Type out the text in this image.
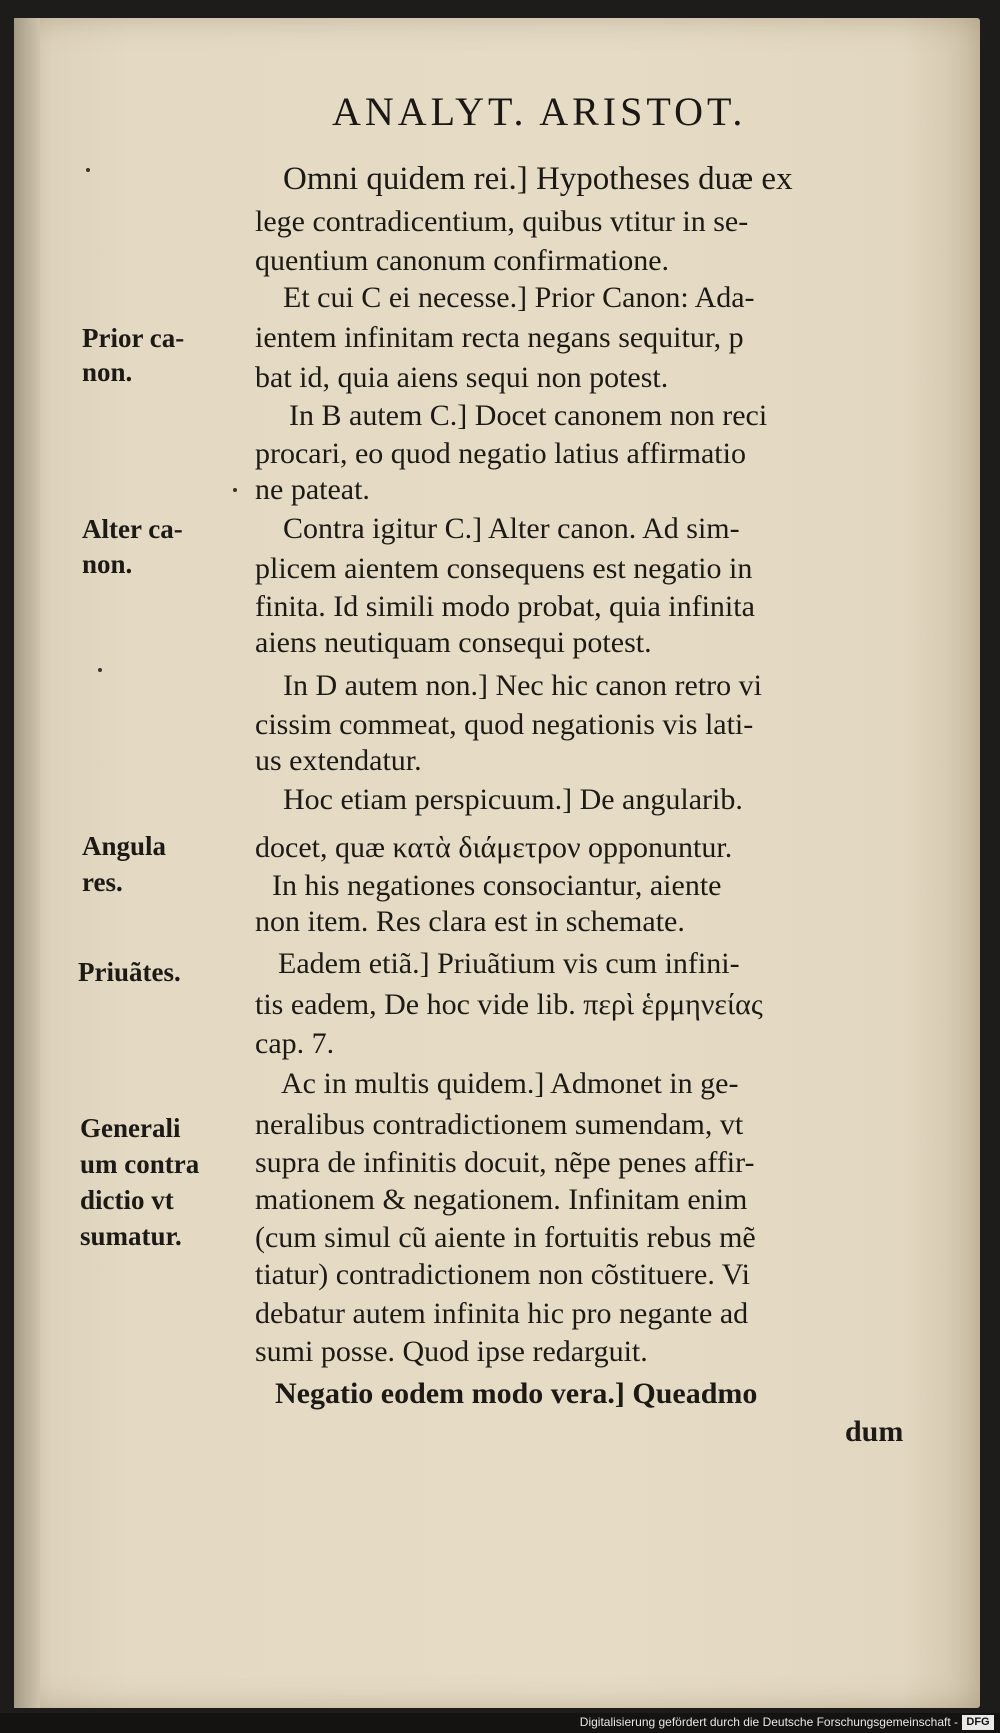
ANALYT. ARISTOT.
Omni quidem rei.] Hypotheses duæ ex
lege contradicentium, quibus vtitur in se-
quentium canonum confirmatione.
Et cui C ei necesse.] Prior Canon: Ada-
ientem infinitam recta negans sequitur, p
bat id, quia aiens sequi non potest.
In B autem C.] Docet canonem non reci
procari, eo quod negatio latius affirmatio
ne pateat.
Contra igitur C.] Alter canon. Ad sim-
plicem aientem consequens est negatio in
finita. Id simili modo probat, quia infinita
aiens neutiquam consequi potest.
In D autem non.] Nec hic canon retro vi
cissim commeat, quod negationis vis lati-
us extendatur.
Hoc etiam perspicuum.] De angularib.
docet, quæ κατὰ διάμετρον opponuntur.
In his negationes consociantur, aiente
non item. Res clara est in schemate.
Eadem etiã.] Priuãtium vis cum infini-
tis eadem, De hoc vide lib. περὶ ἑρμηνείας
cap. 7.
Ac in multis quidem.] Admonet in ge-
neralibus contradictionem sumendam, vt
supra de infinitis docuit, nẽpe penes affir-
mationem & negationem. Infinitam enim
(cum simul cũ aiente in fortuitis rebus mẽ
tiatur) contradictionem non cõstituere. Vi
debatur autem infinita hic pro negante ad
sumi posse. Quod ipse redarguit.
Negatio eodem modo vera.] Queadmo
dum
Prior ca-
non.
Alter ca-
non.
Angula
res.
Priuãtes.
Generali
um contra
dictio vt
sumatur.
Digitalisierung gefördert durch die Deutsche Forschungsgemeinschaft - DFG
